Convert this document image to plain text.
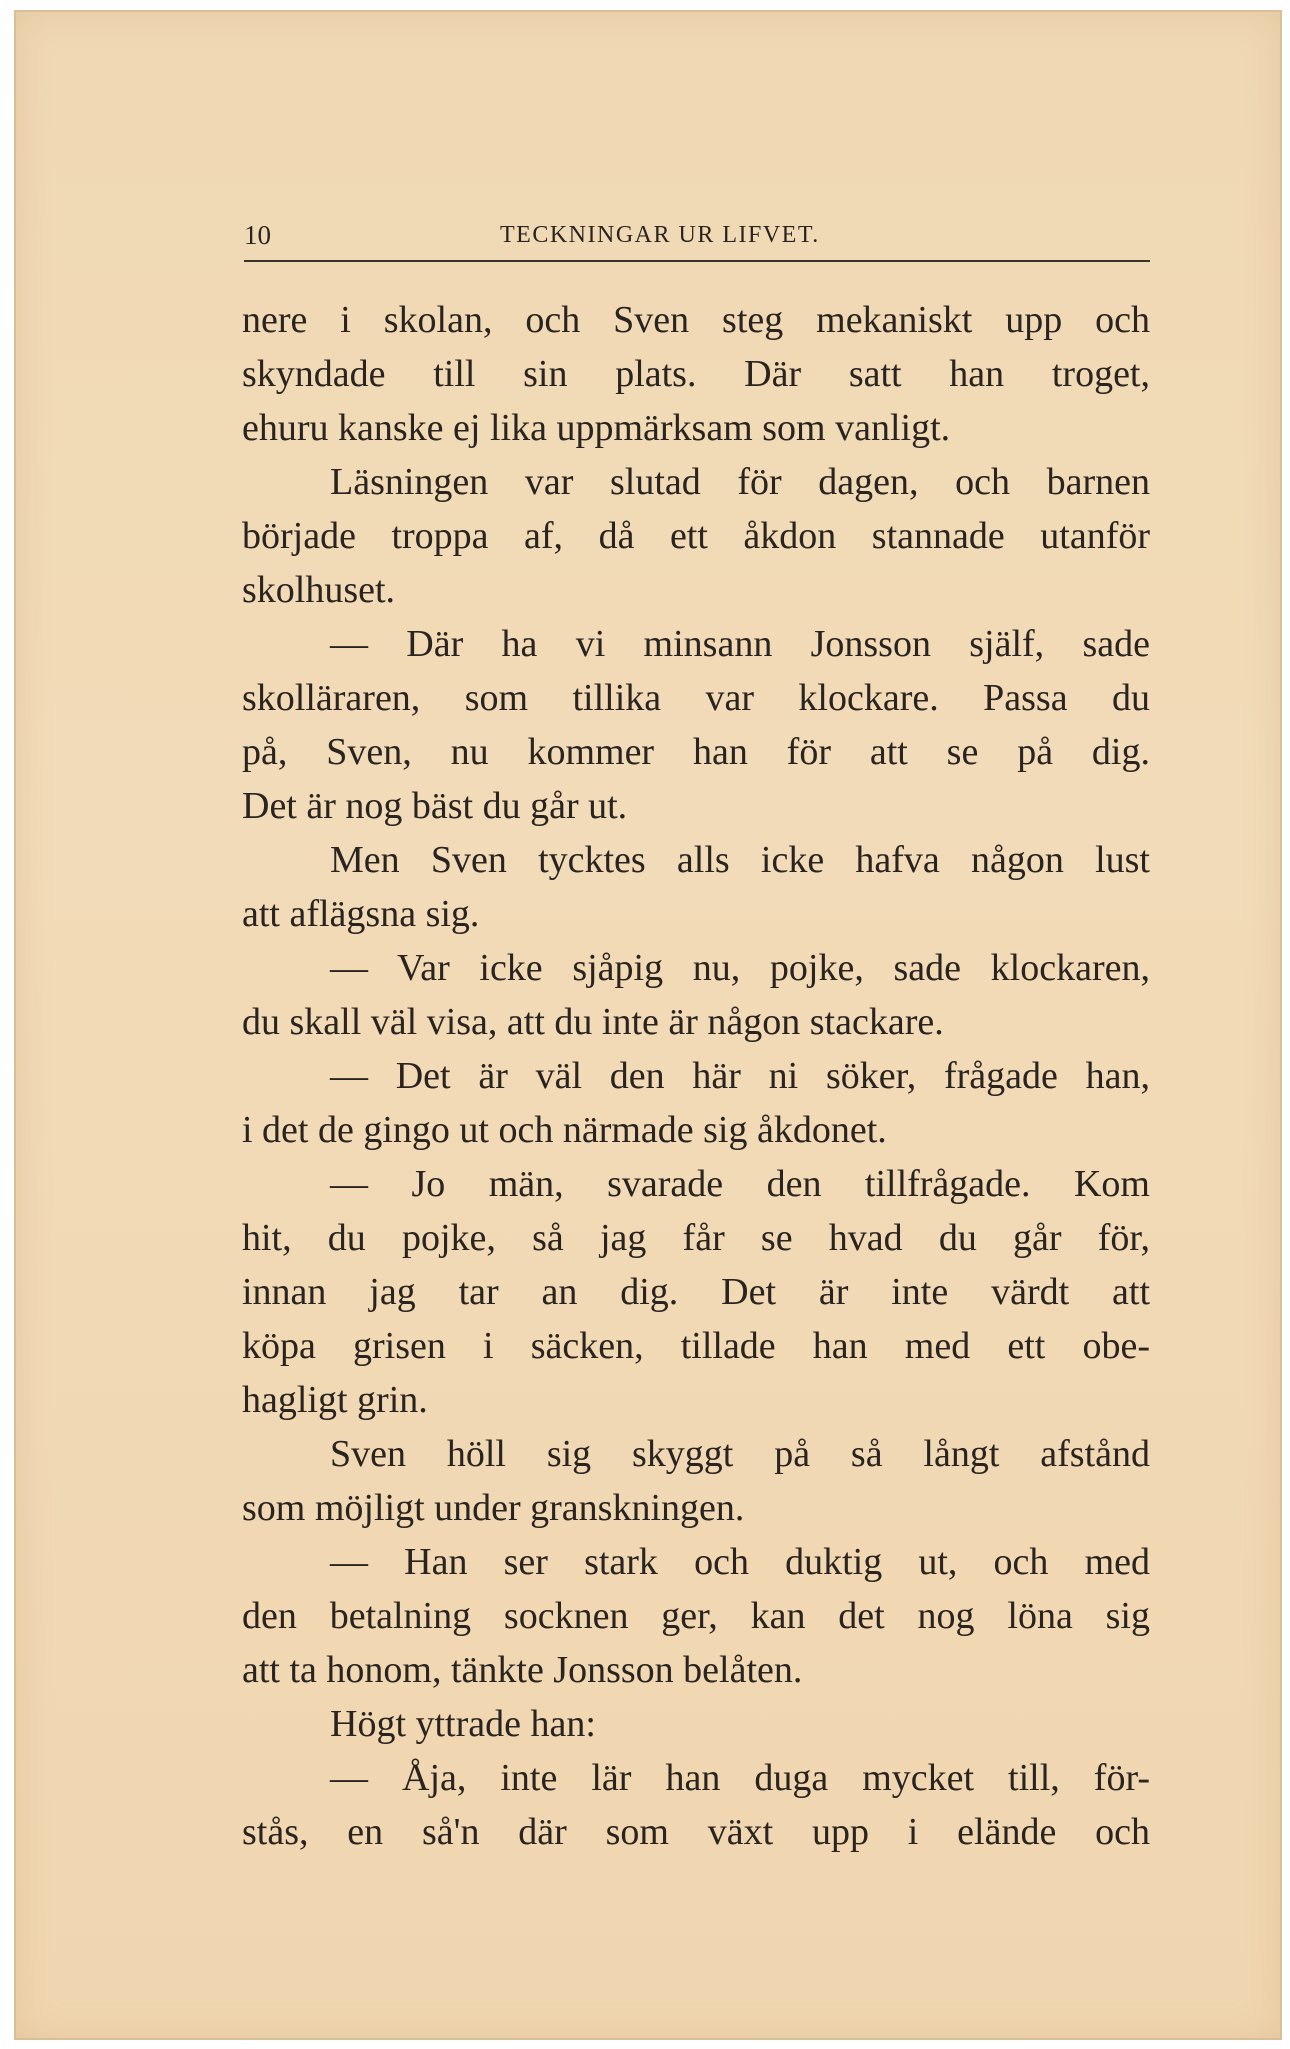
10	TECKNINGAR UR LIFVET.
nere i skolan, och Sven steg mekaniskt upp och
skyndade till sin plats. Där satt han troget,
ehuru kanske ej lika uppmärksam som vanligt.
Läsningen var slutad för dagen, och barnen
började troppa af, då ett åkdon stannade utanför
skolhuset.
— Där ha vi minsann Jonsson själf, sade
skolläraren, som tillika var klockare. Passa du
på, Sven, nu kommer han för att se på dig.
Det är nog bäst du går ut.
Men Sven tycktes alls icke hafva någon lust
att aflägsna sig.
— Var icke sjåpig nu, pojke, sade klockaren,
du skall väl visa, att du inte är någon stackare.
— Det är väl den här ni söker, frågade han,
i det de gingo ut och närmade sig åkdonet.
— Jo män, svarade den tillfrågade. Kom
hit, du pojke, så jag får se hvad du går för,
innan jag tar an dig. Det är inte värdt att
köpa grisen i säcken, tillade han med ett obe-
hagligt grin.
Sven höll sig skyggt på så långt afstånd
som möjligt under granskningen.
— Han ser stark och duktig ut, och med
den betalning socknen ger, kan det nog löna sig
att ta honom, tänkte Jonsson belåten.
Högt yttrade han:
— Åja, inte lär han duga mycket till, för-
stås, en så'n där som växt upp i elände och
